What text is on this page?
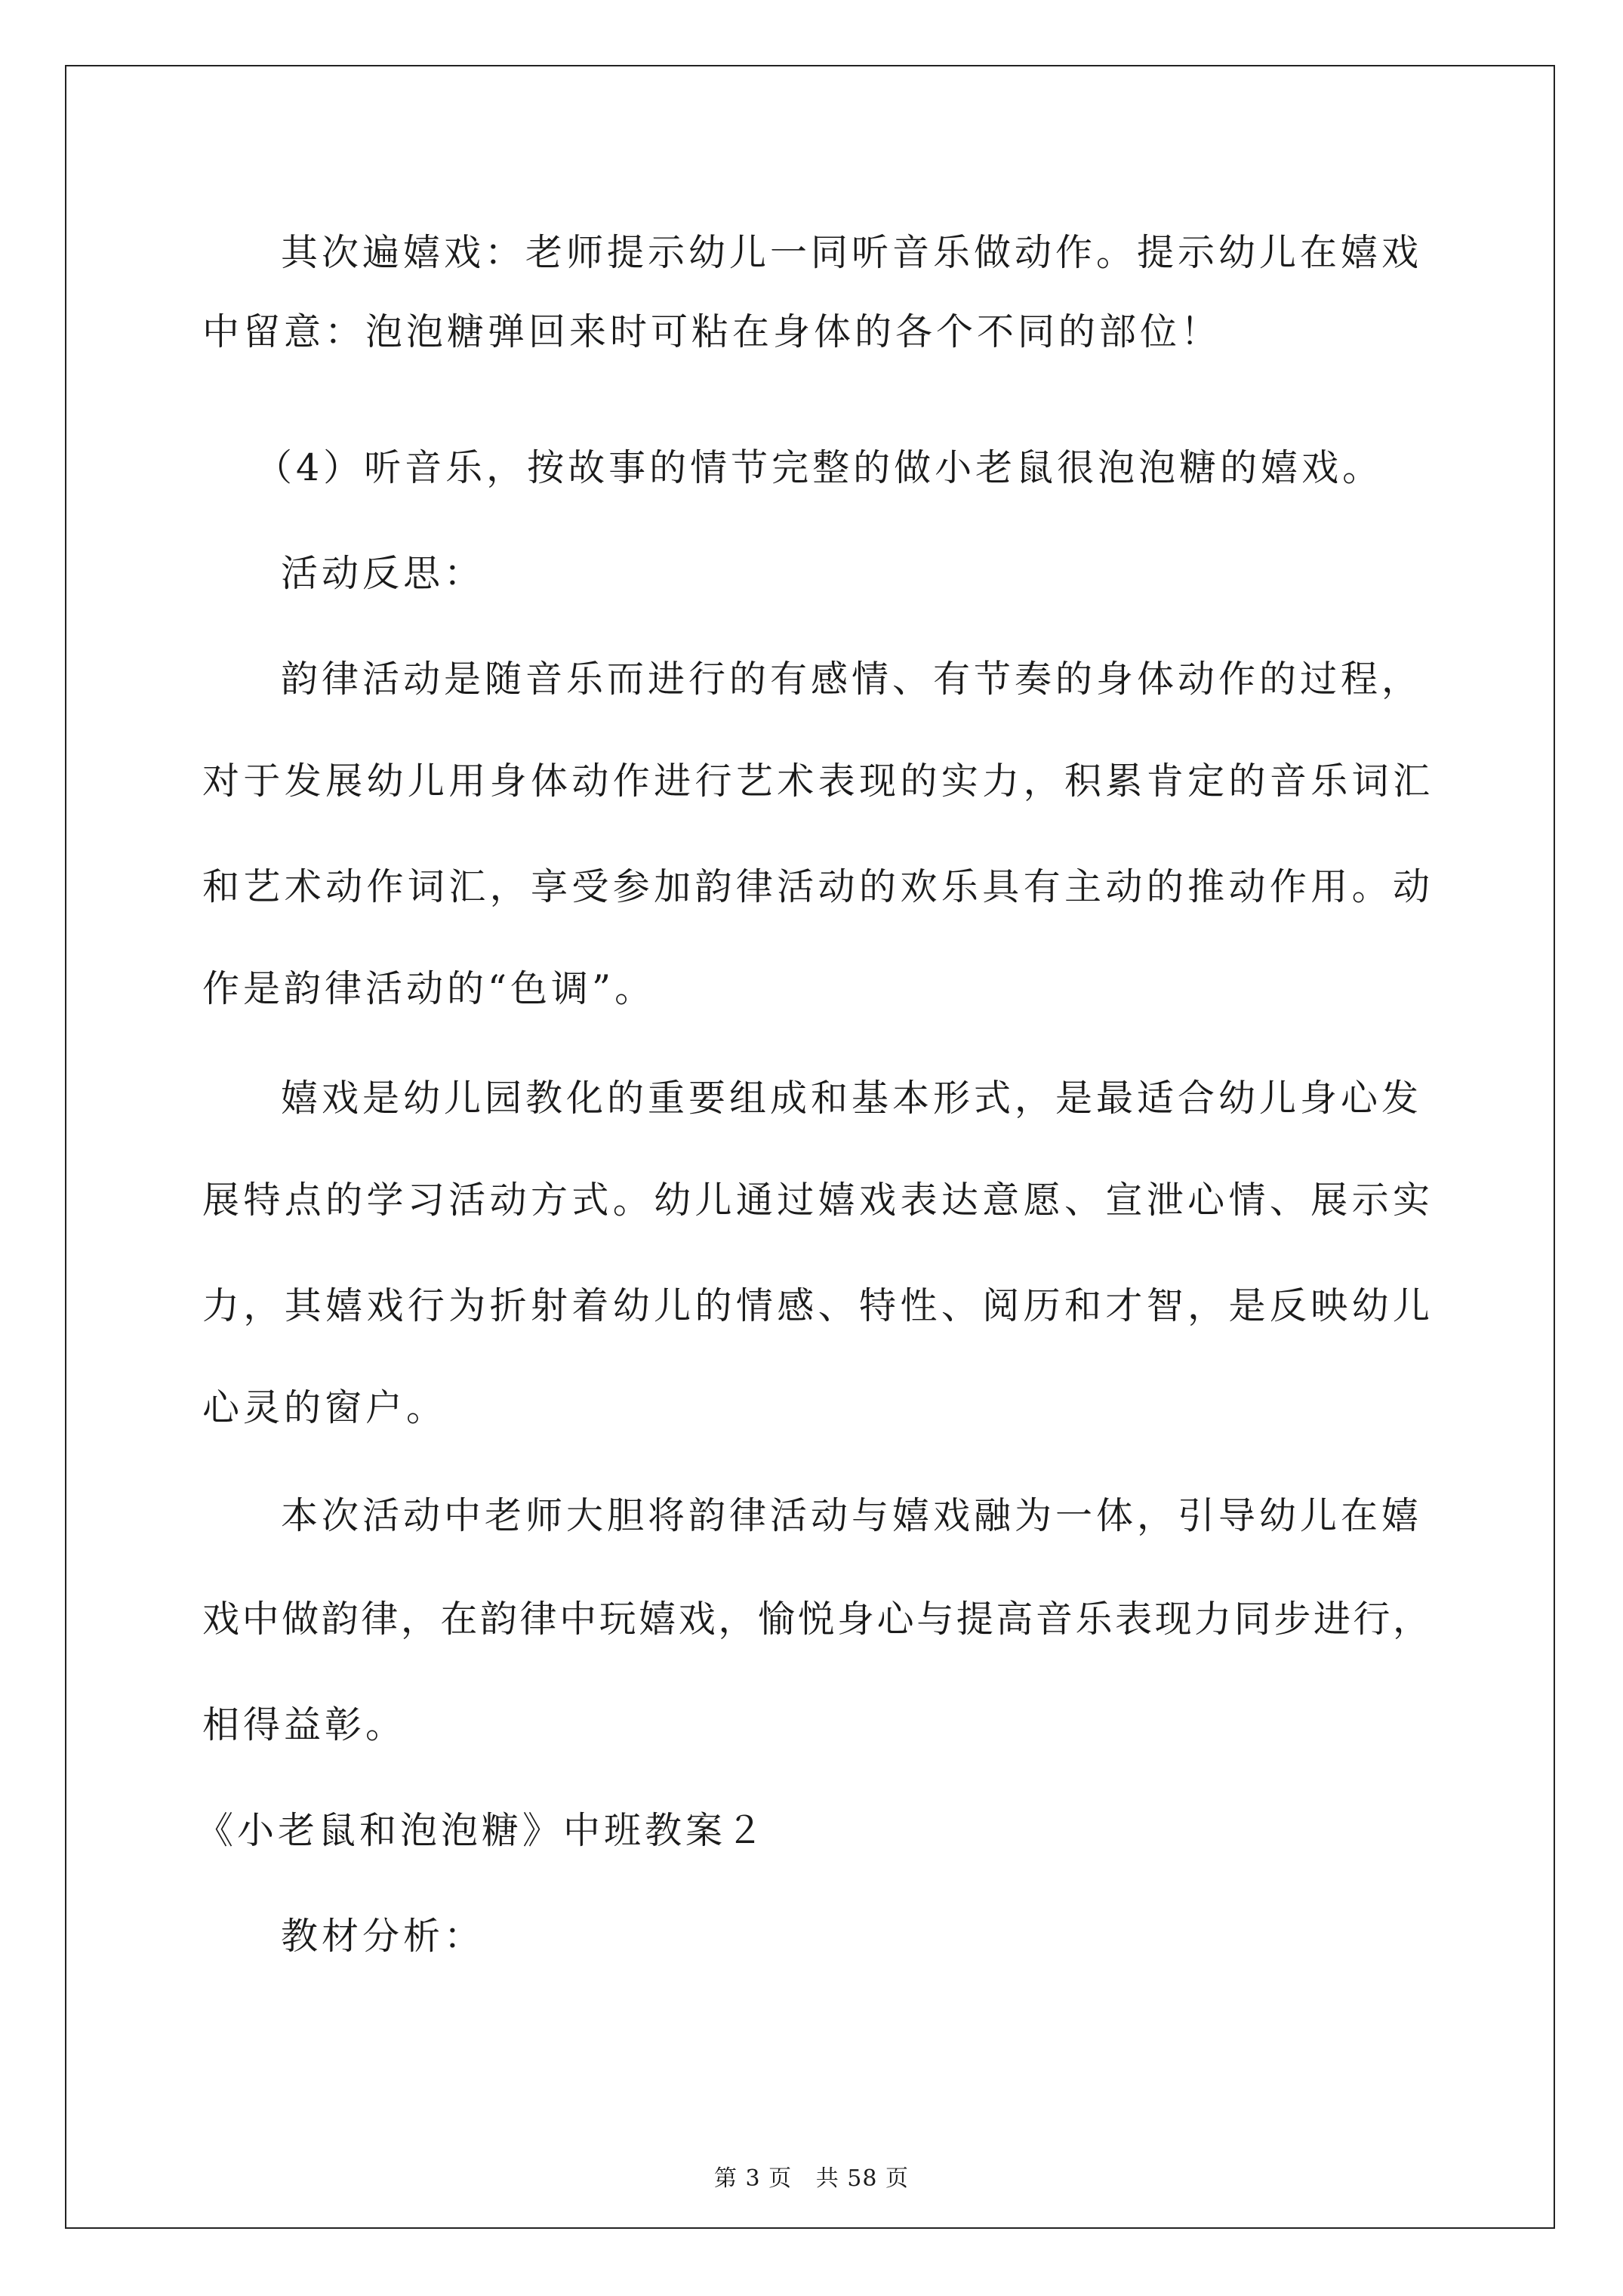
其次遍嬉戏：老师提示幼儿一同听音乐做动作。提示幼儿在嬉戏
中留意：泡泡糖弹回来时可粘在身体的各个不同的部位！
（4）听音乐，按故事的情节完整的做小老鼠很泡泡糖的嬉戏。
活动反思：
韵律活动是随音乐而进行的有感情、有节奏的身体动作的过程，
对于发展幼儿用身体动作进行艺术表现的实力，积累肯定的音乐词汇
和艺术动作词汇，享受参加韵律活动的欢乐具有主动的推动作用。动
作是韵律活动的“色调”。
嬉戏是幼儿园教化的重要组成和基本形式，是最适合幼儿身心发
展特点的学习活动方式。幼儿通过嬉戏表达意愿、宣泄心情、展示实
力，其嬉戏行为折射着幼儿的情感、特性、阅历和才智，是反映幼儿
心灵的窗户。
本次活动中老师大胆将韵律活动与嬉戏融为一体，引导幼儿在嬉
戏中做韵律，在韵律中玩嬉戏，愉悦身心与提高音乐表现力同步进行，
相得益彰。
《小老鼠和泡泡糖》中班教案２
教材分析：
第 3 页   共 58 页
